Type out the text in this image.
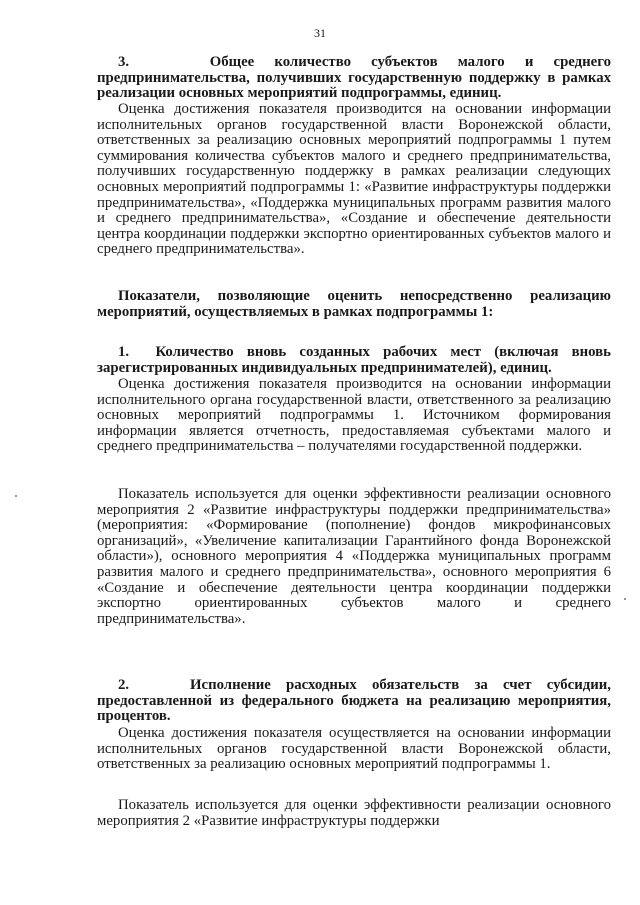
31

3.    Общее количество субъектов малого и среднего предпринимательства, получивших государственную поддержку в рамках реализации основных мероприятий подпрограммы, единиц.

Оценка достижения показателя производится на основании информации исполнительных органов государственной власти Воронежской области, ответственных за реализацию основных мероприятий подпрограммы 1 путем суммирования количества субъектов малого и среднего предпринимательства, получивших государственную поддержку в рамках реализации следующих основных мероприятий подпрограммы 1: «Развитие инфраструктуры поддержки предпринимательства», «Поддержка муниципальных программ развития малого и среднего предпринимательства», «Создание и обеспечение деятельности центра координации поддержки экспортно ориентированных субъектов малого и среднего предпринимательства».

Показатели, позволяющие оценить непосредственно реализацию мероприятий, осуществляемых в рамках подпрограммы 1:

1.  Количество вновь созданных рабочих мест (включая вновь зарегистрированных индивидуальных предпринимателей), единиц.

Оценка достижения показателя производится на основании информации исполнительного органа государственной власти, ответственного за реализацию основных мероприятий подпрограммы 1. Источником формирования информации является отчетность, предоставляемая субъектами малого и среднего предпринимательства – получателями государственной поддержки.

Показатель используется для оценки эффективности реализации основного мероприятия 2 «Развитие инфраструктуры поддержки предпринимательства» (мероприятия: «Формирование (пополнение) фондов микрофинансовых организаций», «Увеличение капитализации Гарантийного фонда Воронежской области»), основного мероприятия 4 «Поддержка муниципальных программ развития малого и среднего предпринимательства», основного мероприятия 6 «Создание и обеспечение деятельности центра координации поддержки экспортно ориентированных субъектов малого и среднего предпринимательства».

2.    Исполнение расходных обязательств за счет субсидии, предоставленной из федерального бюджета на реализацию мероприятия, процентов.

Оценка достижения показателя осуществляется на основании информации исполнительных органов государственной власти Воронежской области, ответственных за реализацию основных мероприятий подпрограммы 1.

Показатель используется для оценки эффективности реализации основного мероприятия 2 «Развитие инфраструктуры поддержки
